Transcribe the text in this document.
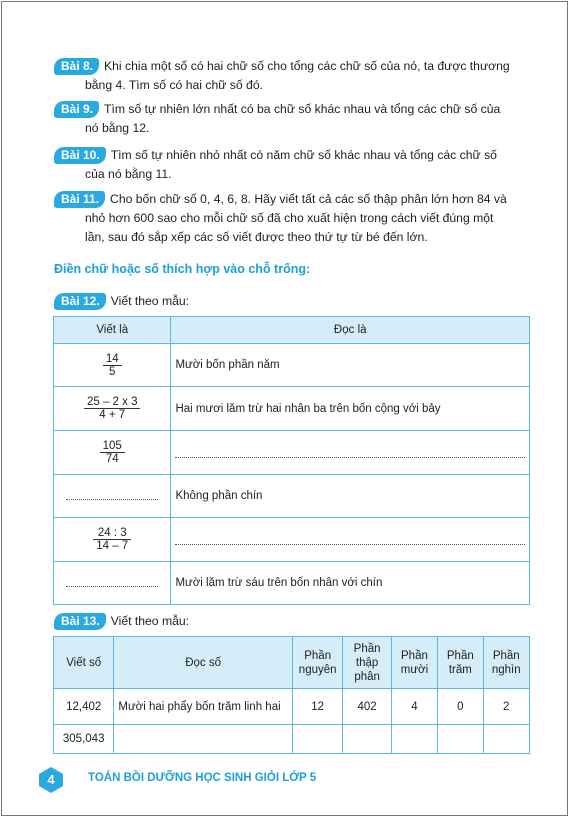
Bài 8. Khi chia một số có hai chữ số cho tổng các chữ số của nó, ta được thương

bằng 4. Tìm số có hai chữ số đó.
Bài 9. Tìm số tự nhiên lớn nhất có ba chữ số khác nhau và tổng các chữ số của

nó bằng 12.
Bài 10. Tìm số tự nhiên nhỏ nhất có năm chữ số khác nhau và tổng các chữ số

của nó bằng 11.
Bài 11. Cho bốn chữ số 0, 4, 6, 8. Hãy viết tất cả các số thập phân lớn hơn 84 và

nhỏ hơn 600 sao cho mỗi chữ số đã cho xuất hiện trong cách viết đúng một
lần, sau đó sắp xếp các số viết được theo thứ tự từ bé đến lớn.
Điền chữ hoặc số thích hợp vào chỗ trống:
Bài 12. Viết theo mẫu:
Viết là	Đọc là

$\frac{14}{5}$	Mười bốn phần năm

$\frac{25 - 2 x 3}{4 + 7}$	Hai mươi lăm trừ hai nhân ba trên bốn cộng với bảy

$\frac{105}{74}$

	Không phần chín

$\frac{24 : 3}{14 - 7}$

	Mười lăm trừ sáu trên bốn nhân với chín
Bài 13. Viết theo mẫu:
Viết số	Đọc số	Phần nguyên	Phần thập phân	Phần mười	Phần trăm	Phần nghìn
12,402	Mười hai phẩy bốn trăm linh hai	12	402	4	0	2
305,043						
4	TOÁN BỒI DƯỠNG HỌC SINH GIỎI LỚP 5
